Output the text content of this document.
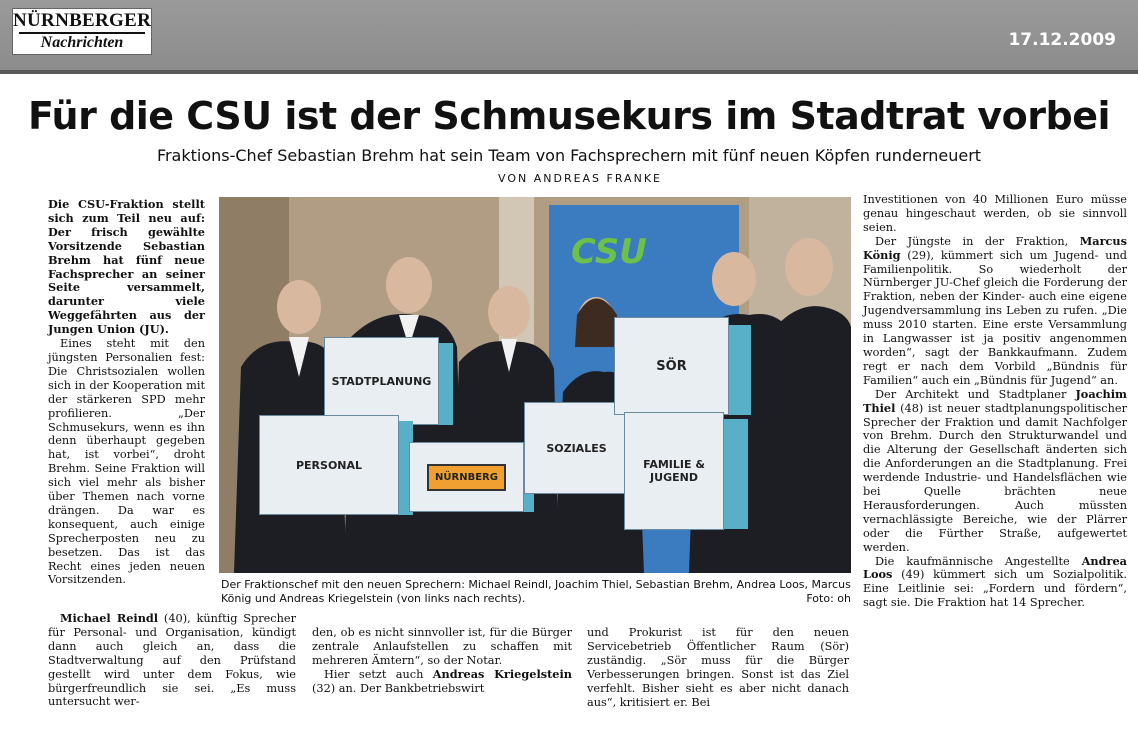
NÜRNBERGER
Nachrichten	17.12.2009
Für die CSU ist der Schmusekurs im Stadtrat vorbei
Fraktions-Chef Sebastian Brehm hat sein Team von Fachsprechern mit fünf neuen Köpfen runderneuert
VON ANDREAS FRANKE

Die CSU-Fraktion stellt sich zum Teil neu auf: Der frisch gewählte Vorsitzende Sebastian Brehm hat fünf neue Fachsprecher an seiner Seite versammelt, darunter viele Weggefährten aus der Jungen Union (JU).

Eines steht mit den jüngsten Personalien fest: Die Christsozialen wollen sich in der Kooperation mit der stärkeren SPD mehr profilieren. „Der Schmusekurs, wenn es ihn denn überhaupt gegeben hat, ist vorbei“, droht Brehm. Seine Fraktion will sich viel mehr als bisher über Themen nach vorne drängen. Da war es konsequent, auch einige Sprecherposten neu zu besetzen. Das ist das Recht eines jeden neuen Vorsitzenden.

Michael Reindl (40), künftig Sprecher für Personal- und Organisation, kündigt dann auch gleich an, dass die Stadtverwaltung auf den Prüfstand gestellt wird unter dem Fokus, wie bürgerfreundlich sie sei. „Es muss untersucht wer-

den, ob es nicht sinnvoller ist, für die Bürger zentrale Anlaufstellen zu schaffen mit mehreren Ämtern“, so der Notar.

Hier setzt auch Andreas Kriegelstein (32) an. Der Bankbetriebswirt

und Prokurist ist für den neuen Servicebetrieb Öffentlicher Raum (Sör) zuständig. „Sör muss für die Bürger Verbesserungen bringen. Sonst ist das Ziel verfehlt. Bisher sieht es aber nicht danach aus“, kritisiert er. Bei

Investitionen von 40 Millionen Euro müsse genau hingeschaut werden, ob sie sinnvoll seien.

Der Jüngste in der Fraktion, Marcus König (29), kümmert sich um Jugend- und Familienpolitik. So wiederholt der Nürnberger JU-Chef gleich die Forderung der Fraktion, neben der Kinder- auch eine eigene Jugendversammlung ins Leben zu rufen. „Die muss 2010 starten. Eine erste Versammlung in Langwasser ist ja positiv angenommen worden“, sagt der Bankkaufmann. Zudem regt er nach dem Vorbild „Bündnis für Familien“ auch ein „Bündnis für Jugend“ an.

Der Architekt und Stadtplaner Joachim Thiel (48) ist neuer stadtplanungspolitischer Sprecher der Fraktion und damit Nachfolger von Brehm. Durch den Strukturwandel und die Alterung der Gesellschaft änderten sich die Anforderungen an die Stadtplanung. Frei werdende Industrie- und Handelsflächen wie bei Quelle brächten neue Herausforderungen. Auch müssten vernachlässigte Bereiche, wie der Plärrer oder die Fürther Straße, aufgewertet werden.

Die kaufmännische Angestellte Andrea Loos (49) kümmert sich um Sozialpolitik. Eine Leitlinie sei: „Fordern und fördern“, sagt sie. Die Fraktion hat 14 Sprecher.

CSU
STADTPLANUNG
PERSONAL
NÜRNBERG
SOZIALES
SÖR
FAMILIE & JUGEND
Der Fraktionschef mit den neuen Sprechern: Michael Reindl, Joachim Thiel, Sebastian Brehm, Andrea Loos, Marcus König und Andreas Kriegelstein (von links nach rechts).	Foto: oh
